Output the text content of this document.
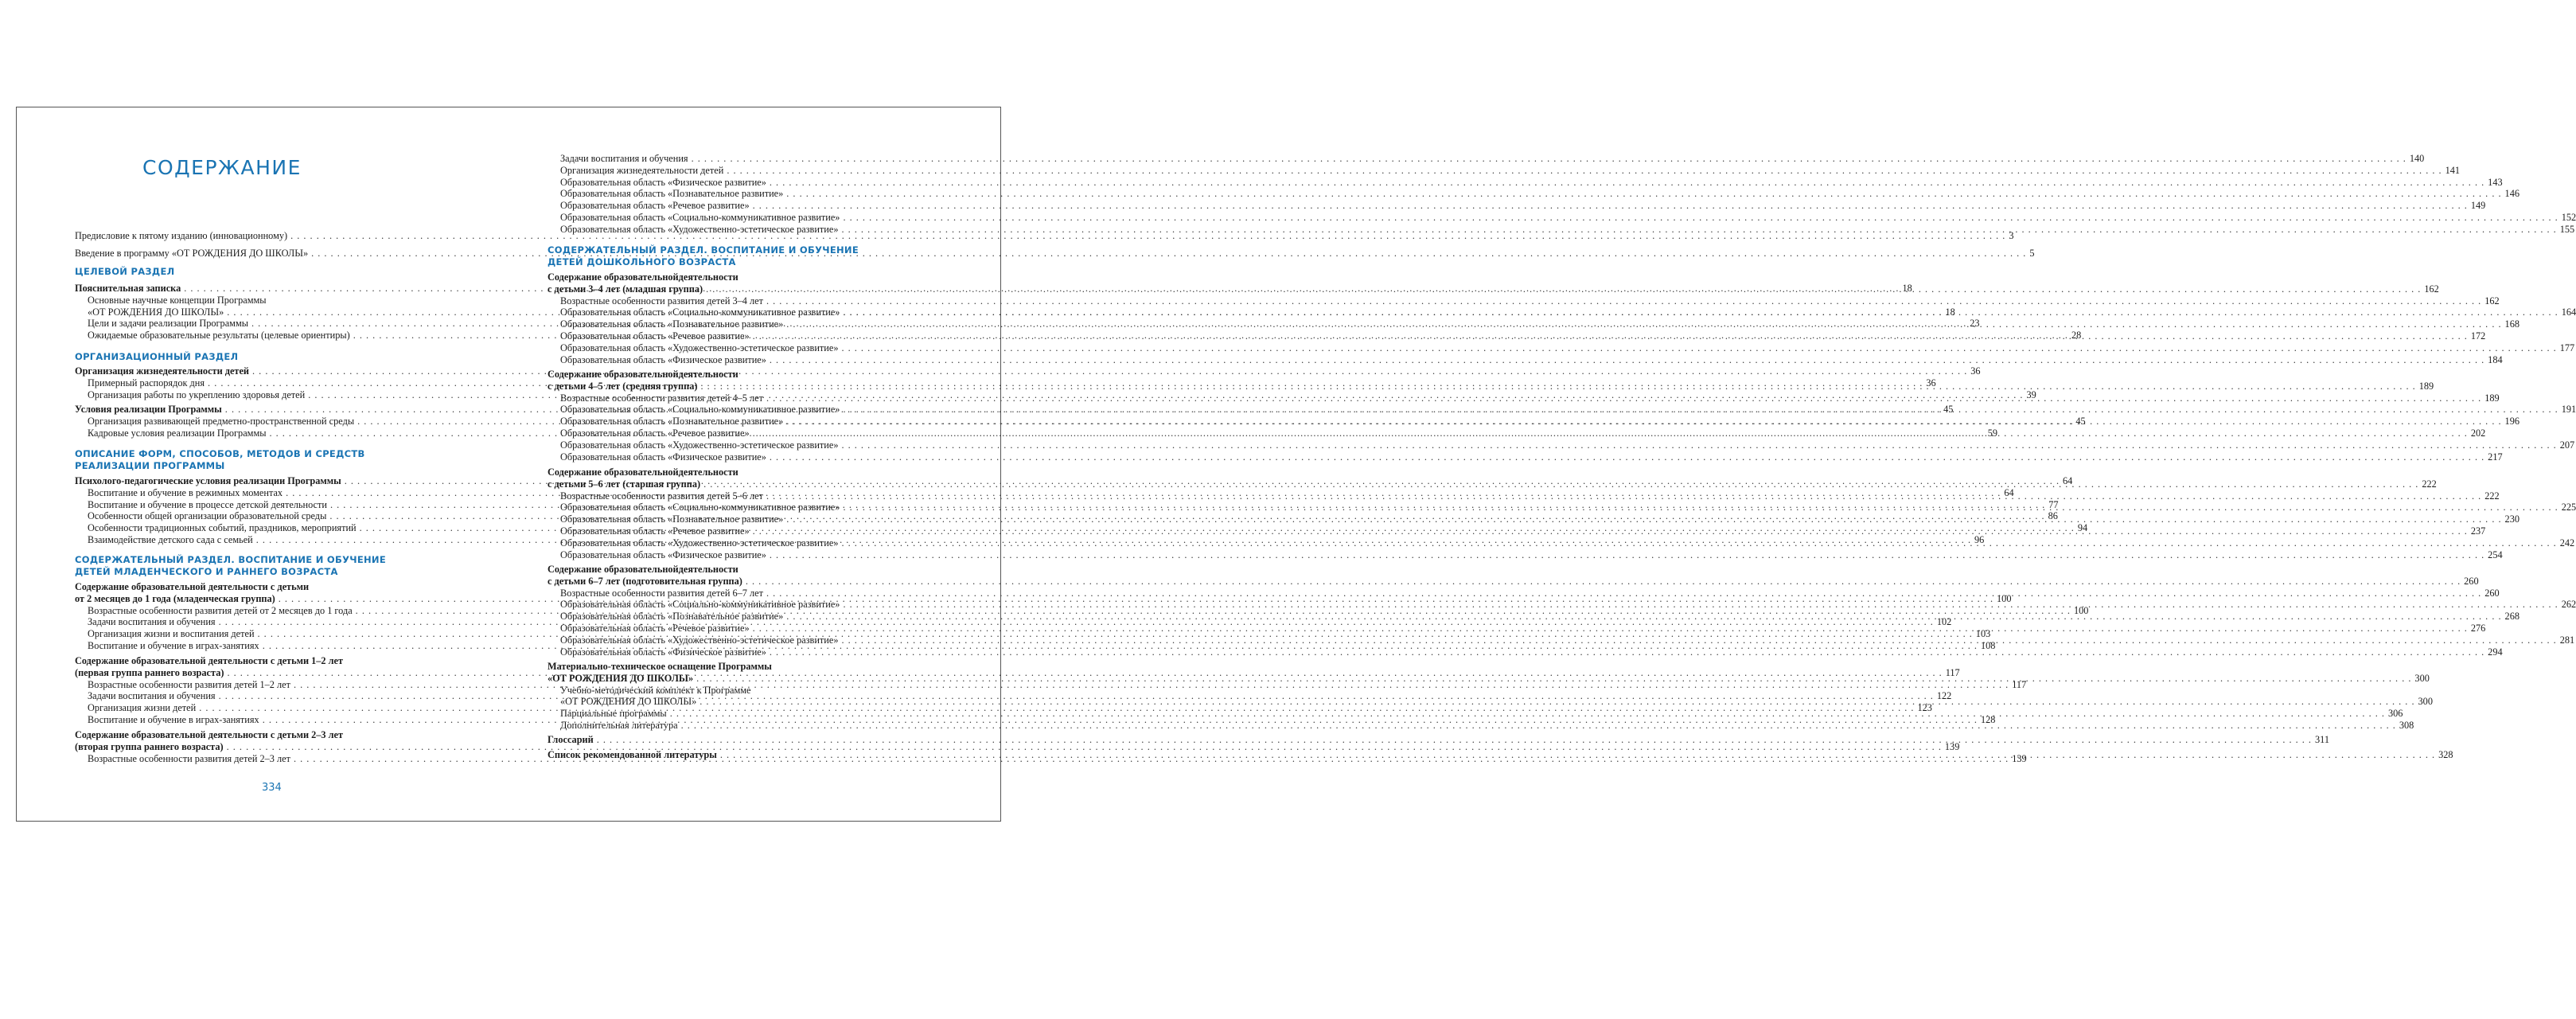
СОДЕРЖАНИЕ
Предисловие к пятому изданию (инновационному) . . .	3
Введение в программу «ОТ РОЖДЕНИЯ ДО ШКОЛЫ» . . .	5
ЦЕЛЕВОЙ РАЗДЕЛ
Пояснительная записка . . .	18
Основные научные концепции Программы
«ОТ РОЖДЕНИЯ ДО ШКОЛЫ» . . .	18
Цели и задачи реализации Программы . . .	23
Ожидаемые образовательные результаты (целевые ориентиры) . . .	28
ОРГАНИЗАЦИОННЫЙ РАЗДЕЛ
Организация жизнедеятельности детей . . .	36
Примерный распорядок дня . . .	36
Организация работы по укреплению здоровья детей . . .	39
Условия реализации Программы . . .	45
Организация развивающей предметно-пространственной среды . . .	45
Кадровые условия реализации Программы . . .	59
ОПИСАНИЕ ФОРМ, СПОСОБОВ, МЕТОДОВ И СРЕДСТВ
РЕАЛИЗАЦИИ ПРОГРАММЫ
Психолого-педагогические условия реализации Программы . . .	64
Воспитание и обучение в режимных моментах . . .	64
Воспитание и обучение в процессе детской деятельности . . .	77
Особенности общей организации образовательной среды . . .	86
Особенности традиционных событий, праздников, мероприятий . . .	94
Взаимодействие детского сада с семьей . . .	96
СОДЕРЖАТЕЛЬНЫЙ РАЗДЕЛ. ВОСПИТАНИЕ И ОБУЧЕНИЕ
ДЕТЕЙ МЛАДЕНЧЕСКОГО И РАННЕГО ВОЗРАСТА
Содержание образовательной деятельности с детьми
от 2 месяцев до 1 года (младенческая группа) . . .	100
Возрастные особенности развития детей от 2 месяцев до 1 года . . .	100
Задачи воспитания и обучения . . .	102
Организация жизни и воспитания детей . . .	103
Воспитание и обучение в играх-занятиях . . .	108
Содержание образовательной деятельности с детьми 1–2 лет
(первая группа раннего возраста) . . .	117
Возрастные особенности развития детей 1–2 лет . . .	117
Задачи воспитания и обучения . . .	122
Организация жизни детей . . .	123
Воспитание и обучение в играх-занятиях . . .	128
Содержание образовательной деятельности с детьми 2–3 лет
(вторая группа раннего возраста) . . .	139
Возрастные особенности развития детей 2–3 лет . . .	139
334
Задачи воспитания и обучения . . .	140
Организация жизнедеятельности детей . . .	141
Образовательная область «Физическое развитие» . . .	143
Образовательная область «Познавательное развитие» . . .	146
Образовательная область «Речевое развитие» . . .	149
Образовательная область «Социально-коммуникативное развитие» . . .	152
Образовательная область «Художественно-эстетическое развитие» . . .	155
СОДЕРЖАТЕЛЬНЫЙ РАЗДЕЛ. ВОСПИТАНИЕ И ОБУЧЕНИЕ
ДЕТЕЙ ДОШКОЛЬНОГО ВОЗРАСТА
Содержание образовательнойдеятельности
с детьми 3–4 лет (младшая группа) . . .	162
Возрастные особенности развития детей 3–4 лет . . .	162
Образовательная область «Социально-коммуникативное развитие» . . .	164
Образовательная область «Познавательное развитие» . . .	168
Образовательная область «Речевое развитие» . . .	172
Образовательная область «Художественно-эстетическое развитие» . . .	177
Образовательная область «Физическое развитие» . . .	184
Содержание образовательнойдеятельности
с детьми 4–5 лет (средняя группа) . . .	189
Возрастные особенности развития детей 4–5 лет . . .	189
Образовательная область «Социально-коммуникативное развитие» . . .	191
Образовательная область «Познавательное развитие» . . .	196
Образовательная область «Речевое развитие» . . .	202
Образовательная область «Художественно-эстетическое развитие» . . .	207
Образовательная область «Физическое развитие» . . .	217
Содержание образовательнойдеятельности
с детьми 5–6 лет (старшая группа) . . .	222
Возрастные особенности развития детей 5–6 лет . . .	222
Образовательная область «Социально-коммуникативное развитие» . . .	225
Образовательная область «Познавательное развитие» . . .	230
Образовательная область «Речевое развитие» . . .	237
Образовательная область «Художественно-эстетическое развитие» . . .	242
Образовательная область «Физическое развитие» . . .	254
Содержание образовательнойдеятельности
с детьми 6–7 лет (подготовительная группа) . . .	260
Возрастные особенности развития детей 6–7 лет . . .	260
Образовательная область «Социально-коммуникативное развитие» . . .	262
Образовательная область «Познавательное развитие» . . .	268
Образовательная область «Речевое развитие» . . .	276
Образовательная область «Художественно-эстетическое развитие» . . .	281
Образовательная область «Физическое развитие» . . .	294
Материально-техническое оснащение Программы
«ОТ РОЖДЕНИЯ ДО ШКОЛЫ» . . .	300
Учебно-методический комплект к Программе
«ОТ РОЖДЕНИЯ ДО ШКОЛЫ» . . .	300
Парциальные программы . . .	306
Дополнительная литература . . .	308
Глоссарий . . .	311
Список рекомендованной литературы . . .	328
